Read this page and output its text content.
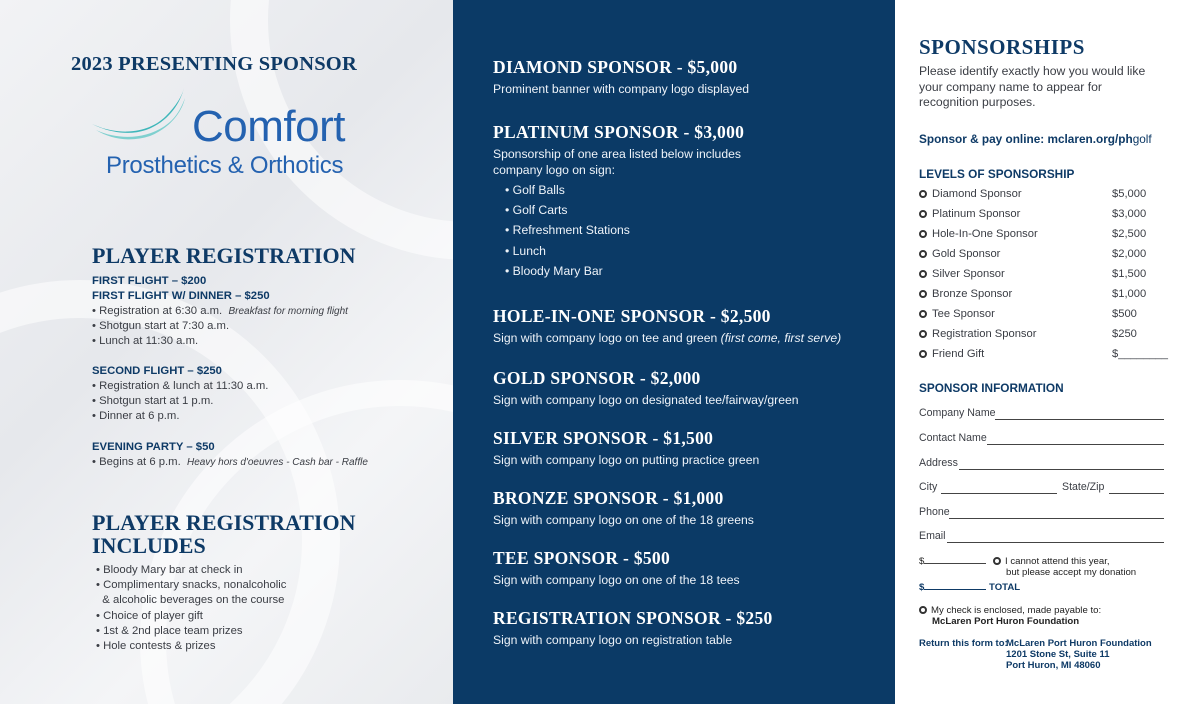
2023 PRESENTING SPONSOR
Comfort
Prosthetics & Orthotics
PLAYER REGISTRATION
FIRST FLIGHT – $200
FIRST FLIGHT W/ DINNER – $250
• Registration at 6:30 a.m. Breakfast for morning flight
• Shotgun start at 7:30 a.m.
• Lunch at 11:30 a.m.
SECOND FLIGHT – $250
• Registration & lunch at 11:30 a.m.
• Shotgun start at 1 p.m.
• Dinner at 6 p.m.
EVENING PARTY – $50
• Begins at 6 p.m. Heavy hors d'oeuvres - Cash bar - Raffle
PLAYER REGISTRATION
INCLUDES
• Bloody Mary bar at check in
• Complimentary snacks, nonalcoholic
& alcoholic beverages on the course
• Choice of player gift
• 1st & 2nd place team prizes
• Hole contests & prizes
DIAMOND SPONSOR - $5,000
Prominent banner with company logo displayed
PLATINUM SPONSOR - $3,000
Sponsorship of one area listed below includes
company logo on sign:
• Golf Balls
• Golf Carts
• Refreshment Stations
• Lunch
• Bloody Mary Bar
HOLE-IN-ONE SPONSOR - $2,500
Sign with company logo on tee and green (first come, first serve)
GOLD SPONSOR - $2,000
Sign with company logo on designated tee/fairway/green
SILVER SPONSOR - $1,500
Sign with company logo on putting practice green
BRONZE SPONSOR - $1,000
Sign with company logo on one of the 18 greens
TEE SPONSOR - $500
Sign with company logo on one of the 18 tees
REGISTRATION SPONSOR - $250
Sign with company logo on registration table
SPONSORSHIPS
Please identify exactly how you would like your company name to appear for recognition purposes.
Sponsor & pay online: mclaren.org/phgolf
LEVELS OF SPONSORSHIP
Diamond Sponsor	$5,000
Platinum Sponsor	$3,000
Hole-In-One Sponsor	$2,500
Gold Sponsor	$2,000
Silver Sponsor	$1,500
Bronze Sponsor	$1,000
Tee Sponsor	$500
Registration Sponsor	$250
Friend Gift	$________
SPONSOR INFORMATION
Company Name
Contact Name
Address
City	State/Zip
Phone
Email
$	I cannot attend this year,
but please accept my donation
$	TOTAL
My check is enclosed, made payable to:
McLaren Port Huron Foundation
Return this form to:
McLaren Port Huron Foundation
1201 Stone St, Suite 11
Port Huron, MI 48060
